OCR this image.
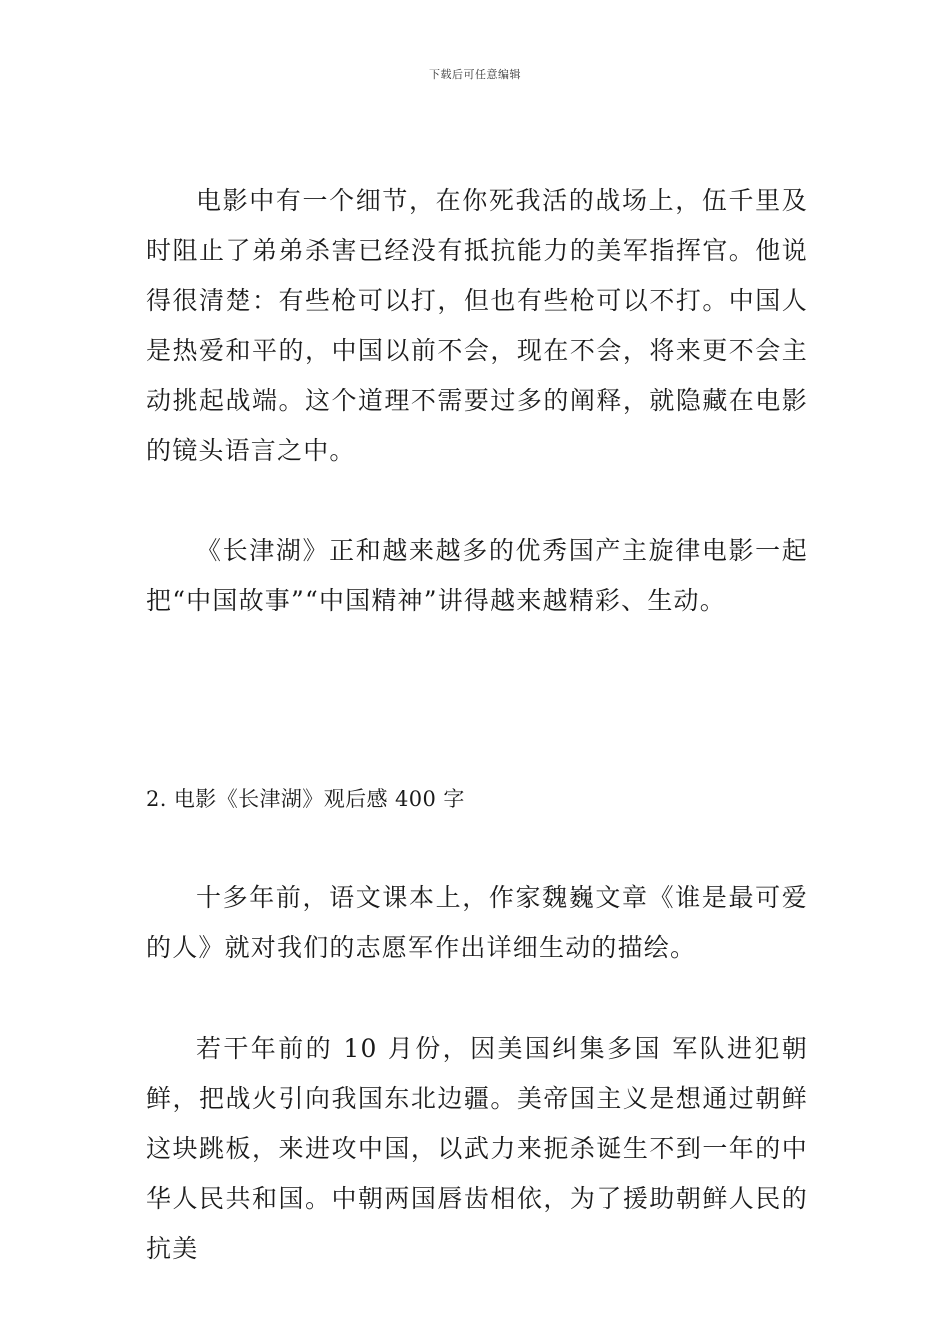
下载后可任意编辑

电影中有一个细节，在你死我活的战场上，伍千里及时阻止了弟弟杀害已经没有抵抗能力的美军指挥官。他说得很清楚：有些枪可以打，但也有些枪可以不打。中国人是热爱和平的，中国以前不会，现在不会，将来更不会主动挑起战端。这个道理不需要过多的阐释，就隐藏在电影的镜头语言之中。

《长津湖》正和越来越多的优秀国产主旋律电影一起把“中国故事”“中国精神”讲得越来越精彩、生动。

2. 电影《长津湖》观后感 400 字

十多年前，语文课本上，作家魏巍文章《谁是最可爱的人》就对我们的志愿军作出详细生动的描绘。

若干年前的 10 月份，因美国纠集多国 军队进犯朝鲜，把战火引向我国东北边疆。美帝国主义是想通过朝鲜这块跳板，来进攻中国，以武力来扼杀诞生不到一年的中华人民共和国。中朝两国唇齿相依，为了援助朝鲜人民的抗美
